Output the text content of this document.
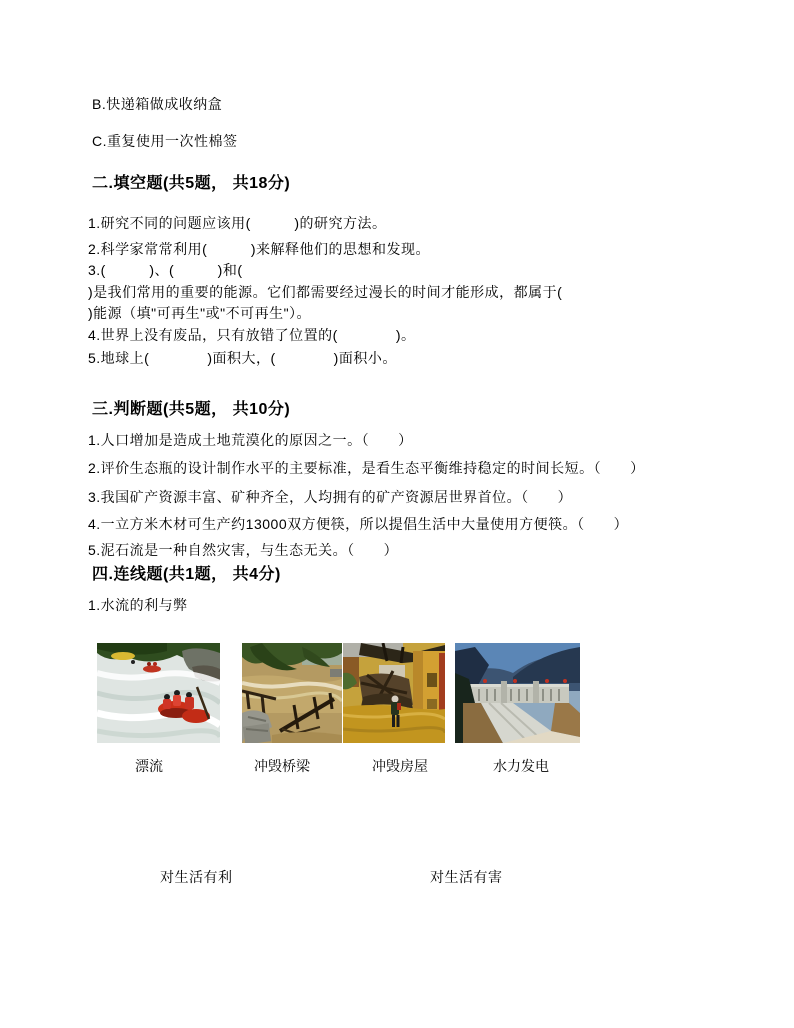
B.快递箱做成收纳盒
C.重复使用一次性棉签
二.填空题(共5题， 共18分)
1.研究不同的问题应该用(　　　)的研究方法。
2.科学家常常利用(　　　)来解释他们的思想和发现。
3.(　　　)、(　　　)和(
)是我们常用的重要的能源。它们都需要经过漫长的时间才能形成，都属于(
)能源（填"可再生"或"不可再生"）。
4.世界上没有废品，只有放错了位置的(　　　　)。
5.地球上(　　　　)面积大，(　　　　)面积小。
三.判断题(共5题， 共10分)
1.人口增加是造成土地荒漠化的原因之一。（　　）
2.评价生态瓶的设计制作水平的主要标准，是看生态平衡维持稳定的时间长短。（　　）
3.我国矿产资源丰富、矿种齐全，人均拥有的矿产资源居世界首位。（　　）
4.一立方米木材可生产约13000双方便筷，所以提倡生活中大量使用方便筷。（　　）
5.泥石流是一种自然灾害，与生态无关。（　　）
四.连线题(共1题， 共4分)
1.水流的利与弊
漂流	冲毁桥梁	冲毁房屋	水力发电
对生活有利	对生活有害
